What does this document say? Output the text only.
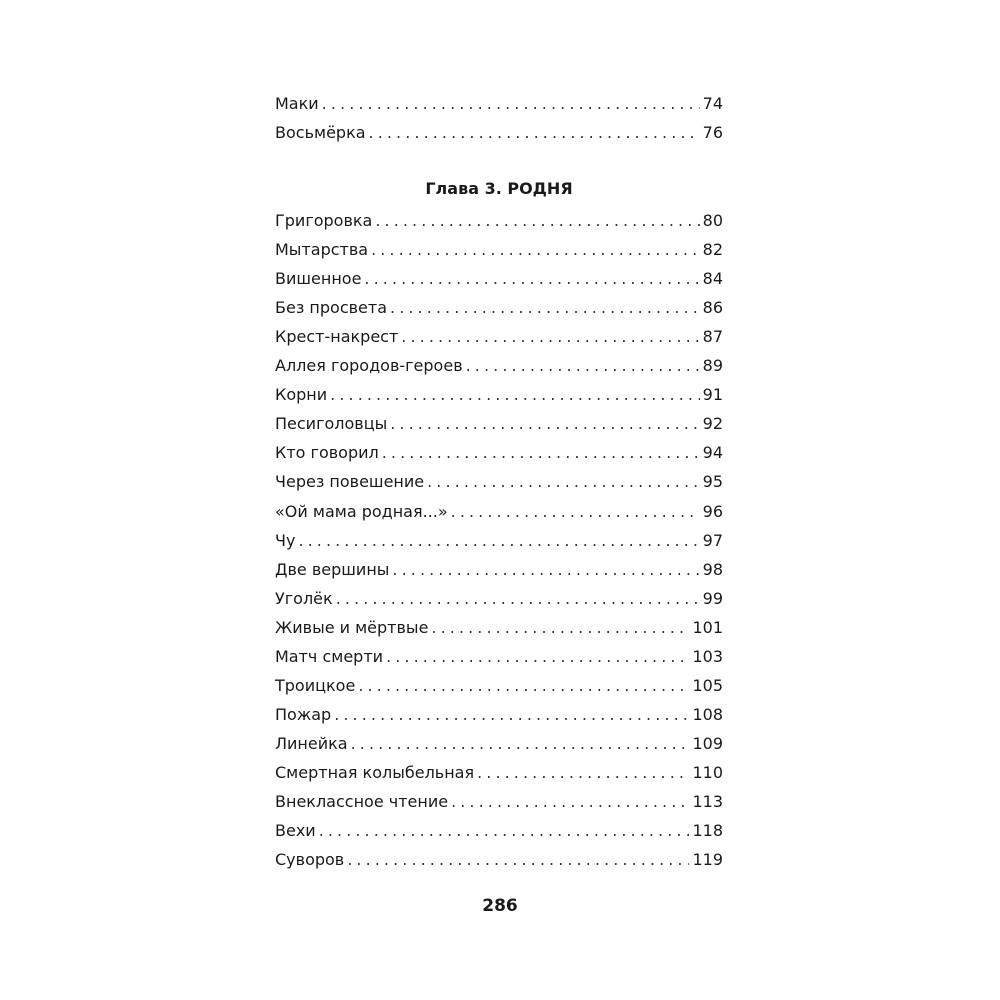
Маки . . .	74
Восьмёрка . . .	76
Глава 3. РОДНЯ
Григоровка . . .	80
Мытарства . . .	82
Вишенное . . .	84
Без просвета . . .	86
Крест-накрест . . .	87
Аллея городов-героев . . .	89
Корни . . .	91
Песиголовцы . . .	92
Кто говорил . . .	94
Через повешение . . .	95
«Ой мама родная...» . . .	96
Чу . . .	97
Две вершины . . .	98
Уголёк . . .	99
Живые и мёртвые . . .	101
Матч смерти . . .	103
Троицкое . . .	105
Пожар . . .	108
Линейка . . .	109
Смертная колыбельная . . .	110
Внеклассное чтение . . .	113
Вехи . . .	118
Суворов . . .	119
286
